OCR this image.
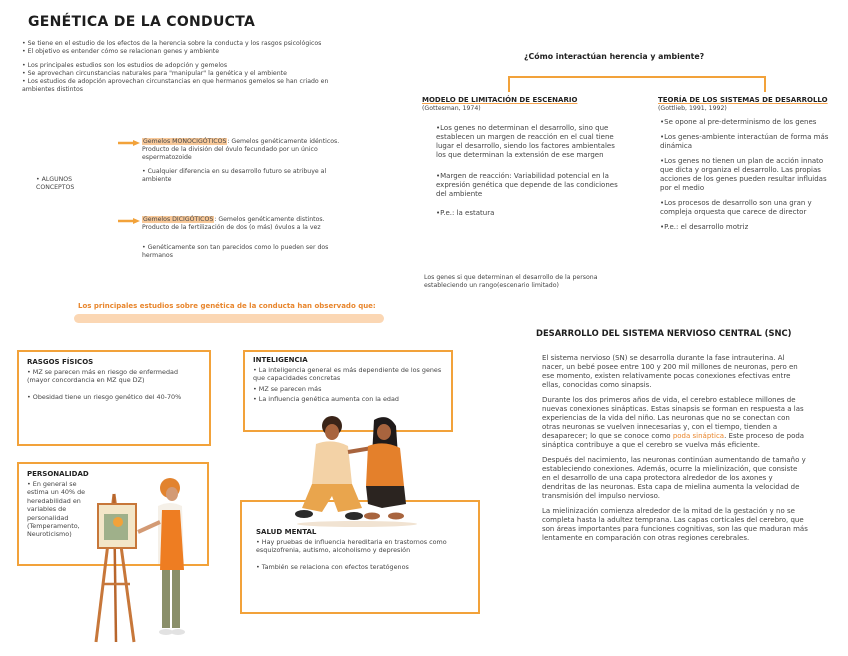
GENÉTICA DE LA CONDUCTA
• Se tiene en el estudio de los efectos de la herencia sobre la conducta y los rasgos psicológicos
• El objetivo es entender cómo se relacionan genes y ambiente
• Los principales estudios son los estudios de adopción y gemelos
• Se aprovechan circunstancias naturales para "manipular" la genética y el ambiente
• Los estudios de adopción aprovechan circunstancias en que hermanos gemelos se han criado en ambientes distintos
• ALGUNOS CONCEPTOS
Gemelos MONOCIGÓTICOS: Gemelos genéticamente idénticos. Producto de la división del óvulo fecundado por un único espermatozoide
• Cualquier diferencia en su desarrollo futuro se atribuye al ambiente
Gemelos DICIGÓTICOS: Gemelos genéticamente distintos. Producto de la fertilización de dos (o más) óvulos a la vez
• Genéticamente son tan parecidos como lo pueden ser dos hermanos
Los principales estudios sobre genética de la conducta han observado que:
RASGOS FÍSICOS
• MZ se parecen más en riesgo de enfermedad (mayor concordancia en MZ que DZ)
• Obesidad tiene un riesgo genético del 40-70%
INTELIGENCIA
• La inteligencia general es más dependiente de los genes que capacidades concretas
• MZ se parecen más
• La influencia genética aumenta con la edad
PERSONALIDAD
• En general se estima un 40% de heredabilidad en variables de personalidad (Temperamento, Neuroticismo)	SALUD MENTAL
• Hay pruebas de influencia hereditaria en trastornos como esquizofrenia, autismo, alcoholismo y depresión
• También se relaciona con efectos teratógenos
¿Cómo interactúan herencia y ambiente?
MODELO DE LIMITACIÓN DE ESCENARIO
(Gottesman, 1974)
•Los genes no determinan el desarrollo, sino que establecen un margen de reacción en el cual tiene lugar el desarrollo, siendo los factores ambientales los que determinan la extensión de ese margen
•Margen de reacción: Variabilidad potencial en la expresión genética que depende de las condiciones del ambiente
•P.e.: la estatura
Los genes si que determinan el desarrollo de la persona estableciendo un rango(escenario limitado)
TEORÍA DE LOS SISTEMAS DE DESARROLLO
(Gottlieb, 1991, 1992)
•Se opone al pre-determinismo de los genes
•Los genes-ambiente interactúan de forma más dinámica
•Los genes no tienen un plan de acción innato que dicta y organiza el desarrollo. Las propias acciones de los genes pueden resultar influidas por el medio
•Los procesos de desarrollo son una gran y compleja orquesta que carece de director
•P.e.: el desarrollo motriz
DESARROLLO DEL SISTEMA NERVIOSO CENTRAL (SNC)
El sistema nervioso (SN) se desarrolla durante la fase intrauterina. Al nacer, un bebé posee entre 100 y 200 mil millones de neuronas, pero en ese momento, existen relativamente pocas conexiones efectivas entre ellas, conocidas como sinapsis.
Durante los dos primeros años de vida, el cerebro establece millones de nuevas conexiones sinápticas. Estas sinapsis se forman en respuesta a las experiencias de la vida del niño. Las neuronas que no se conectan con otras neuronas se vuelven innecesarias y, con el tiempo, tienden a desaparecer; lo que se conoce como poda sináptica. Este proceso de poda sináptica contribuye a que el cerebro se vuelva más eficiente.
Después del nacimiento, las neuronas continúan aumentando de tamaño y estableciendo conexiones. Además, ocurre la mielinización, que consiste en el desarrollo de una capa protectora alrededor de los axones y dendritas de las neuronas. Esta capa de mielina aumenta la velocidad de transmisión del impulso nervioso.
La mielinización comienza alrededor de la mitad de la gestación y no se completa hasta la adultez temprana. Las capas corticales del cerebro, que son áreas importantes para funciones cognitivas, son las que maduran más lentamente en comparación con otras regiones cerebrales.
